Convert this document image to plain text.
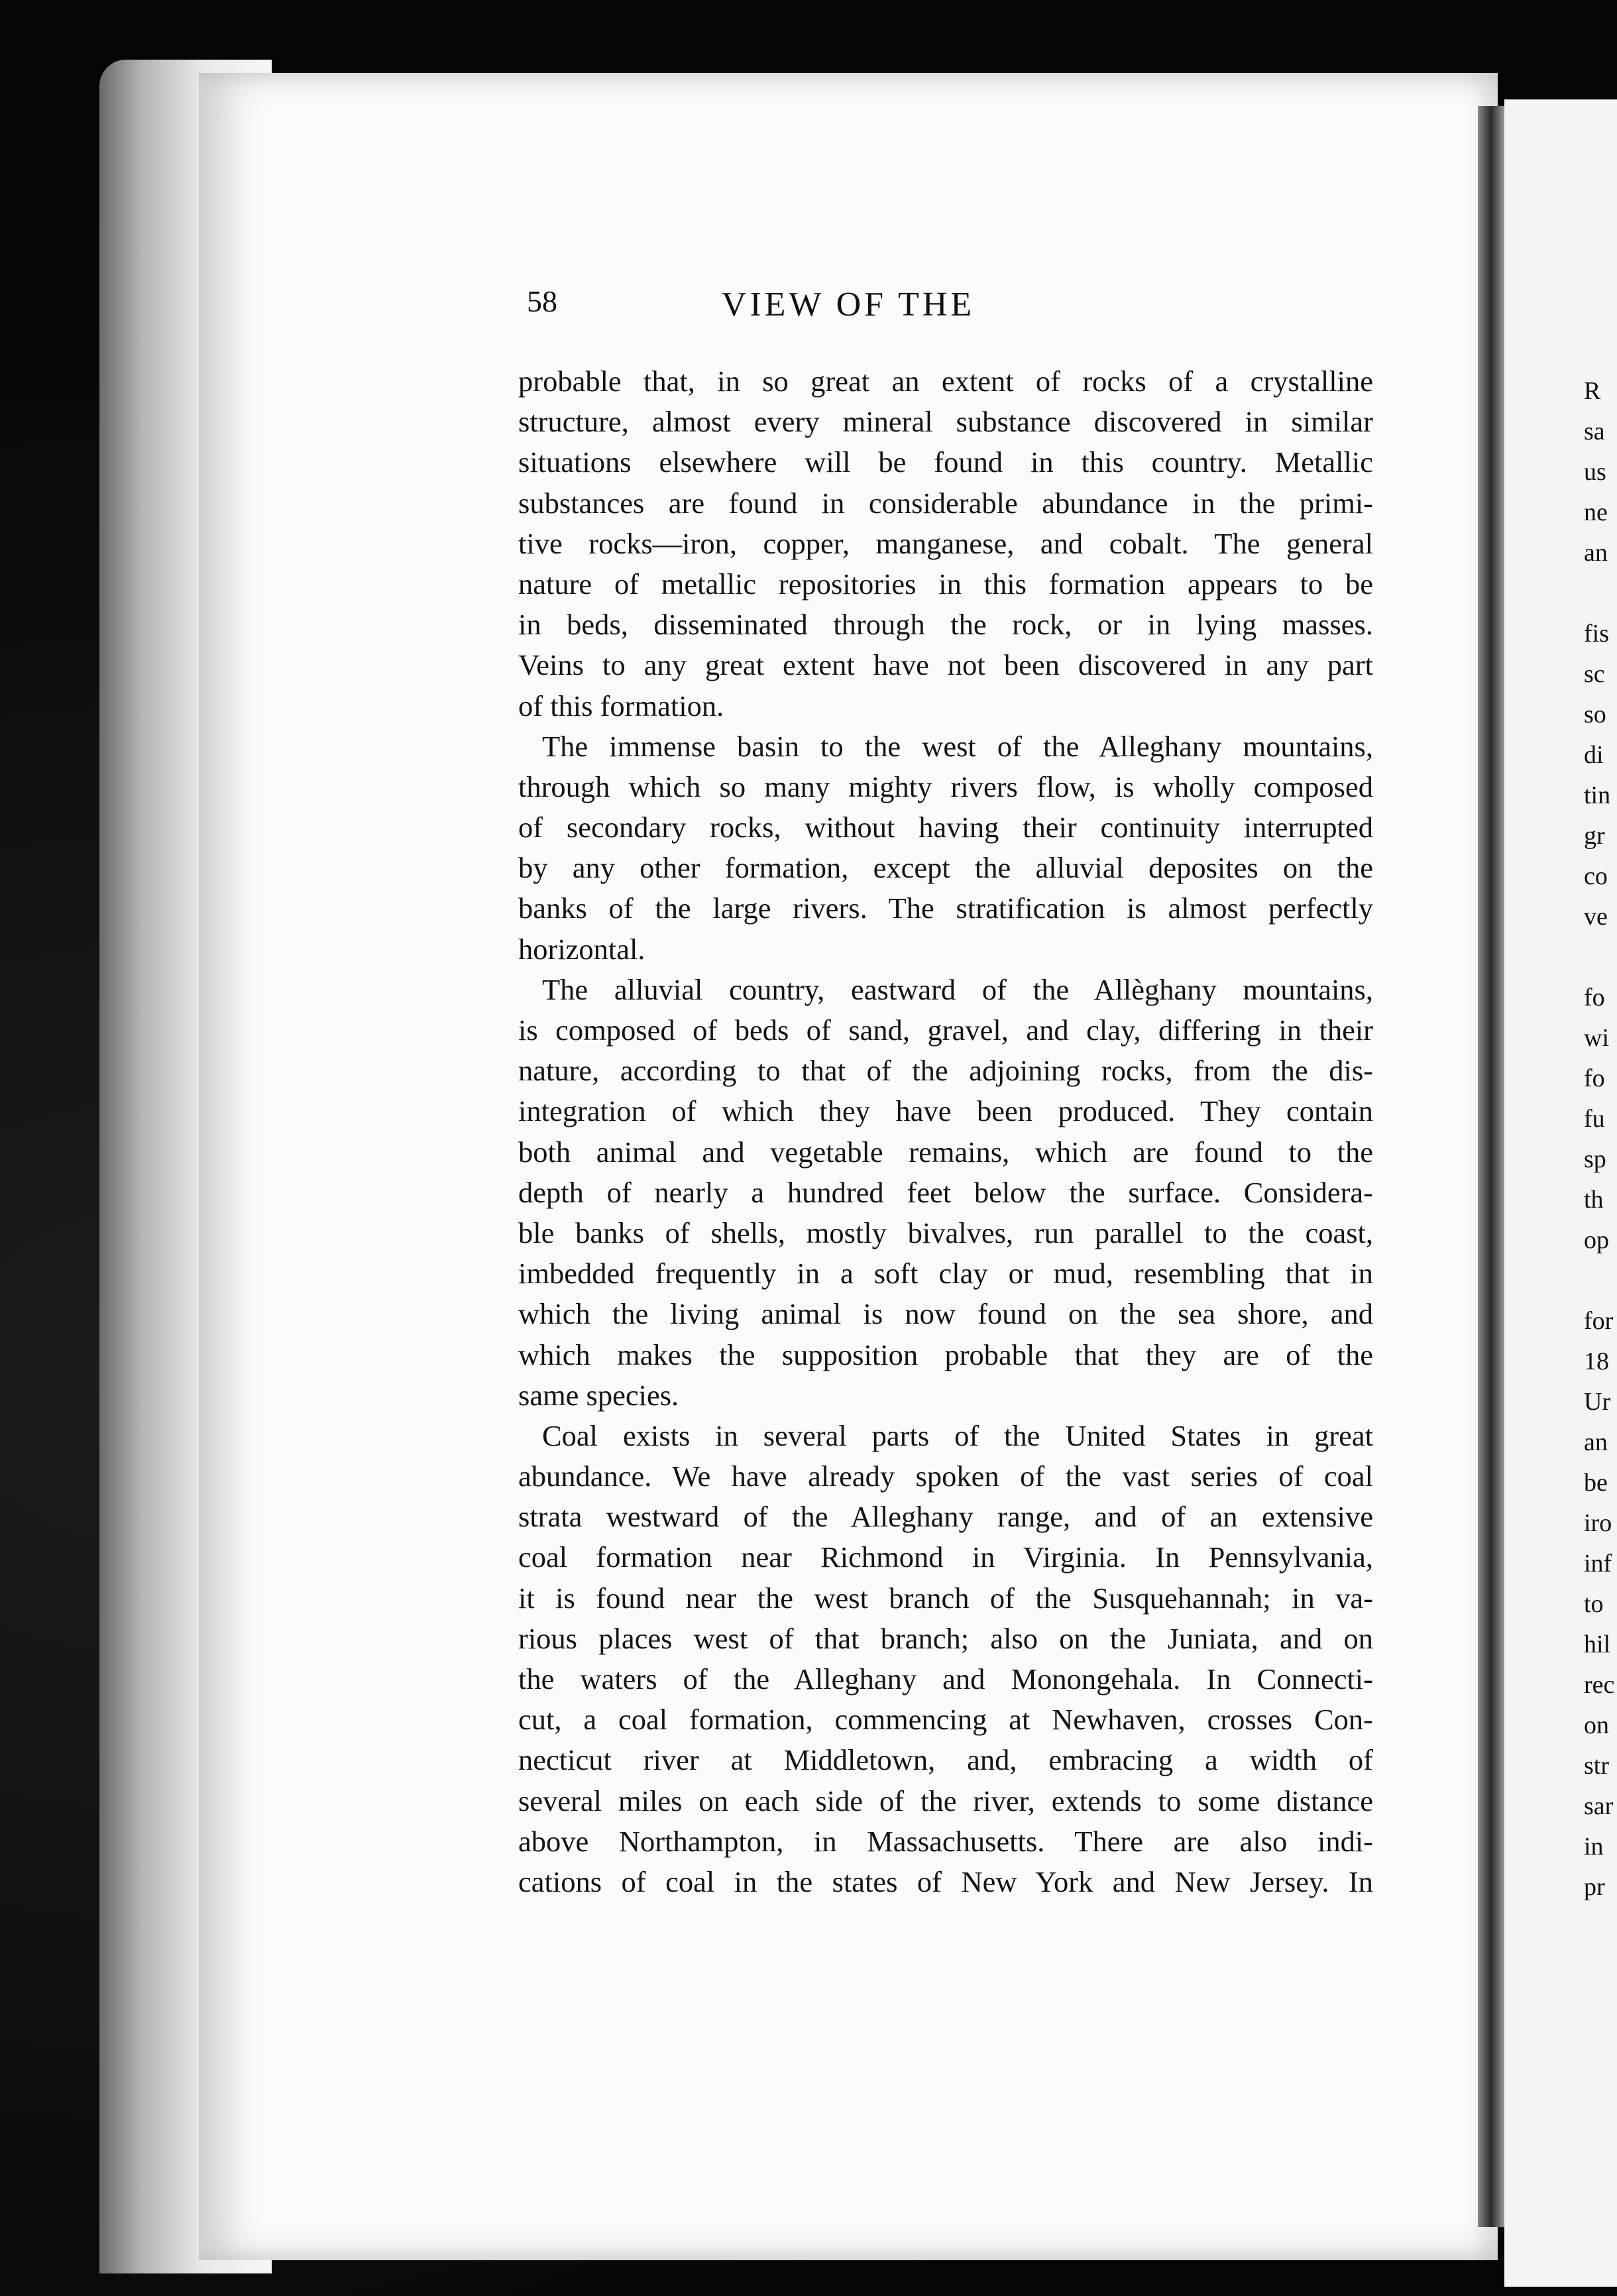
R
sa
us
ne
an
fis
sc
so
di
tin
gr
co
ve
fo
wi
fo
fu
sp
th
op
for
18
Ur
an
be
iro
inf
to
hil
rec
on
str
sar
in
pr
58	VIEW OF THE
probable that, in so great an extent of rocks of a crystalline
structure, almost every mineral substance discovered in similar
situations elsewhere will be found in this country. Metallic
substances are found in considerable abundance in the primi-
tive rocks—iron, copper, manganese, and cobalt. The general
nature of metallic repositories in this formation appears to be
in beds, disseminated through the rock, or in lying masses.
Veins to any great extent have not been discovered in any part
of this formation.
The immense basin to the west of the Alleghany mountains,
through which so many mighty rivers flow, is wholly composed
of secondary rocks, without having their continuity interrupted
by any other formation, except the alluvial deposites on the
banks of the large rivers. The stratification is almost perfectly
horizontal.
The alluvial country, eastward of the Allèghany mountains,
is composed of beds of sand, gravel, and clay, differing in their
nature, according to that of the adjoining rocks, from the dis-
integration of which they have been produced. They contain
both animal and vegetable remains, which are found to the
depth of nearly a hundred feet below the surface. Considera-
ble banks of shells, mostly bivalves, run parallel to the coast,
imbedded frequently in a soft clay or mud, resembling that in
which the living animal is now found on the sea shore, and
which makes the supposition probable that they are of the
same species.
Coal exists in several parts of the United States in great
abundance. We have already spoken of the vast series of coal
strata westward of the Alleghany range, and of an extensive
coal formation near Richmond in Virginia. In Pennsylvania,
it is found near the west branch of the Susquehannah; in va-
rious places west of that branch; also on the Juniata, and on
the waters of the Alleghany and Monongehala. In Connecti-
cut, a coal formation, commencing at Newhaven, crosses Con-
necticut river at Middletown, and, embracing a width of
several miles on each side of the river, extends to some distance
above Northampton, in Massachusetts. There are also indi-
cations of coal in the states of New York and New Jersey. In
